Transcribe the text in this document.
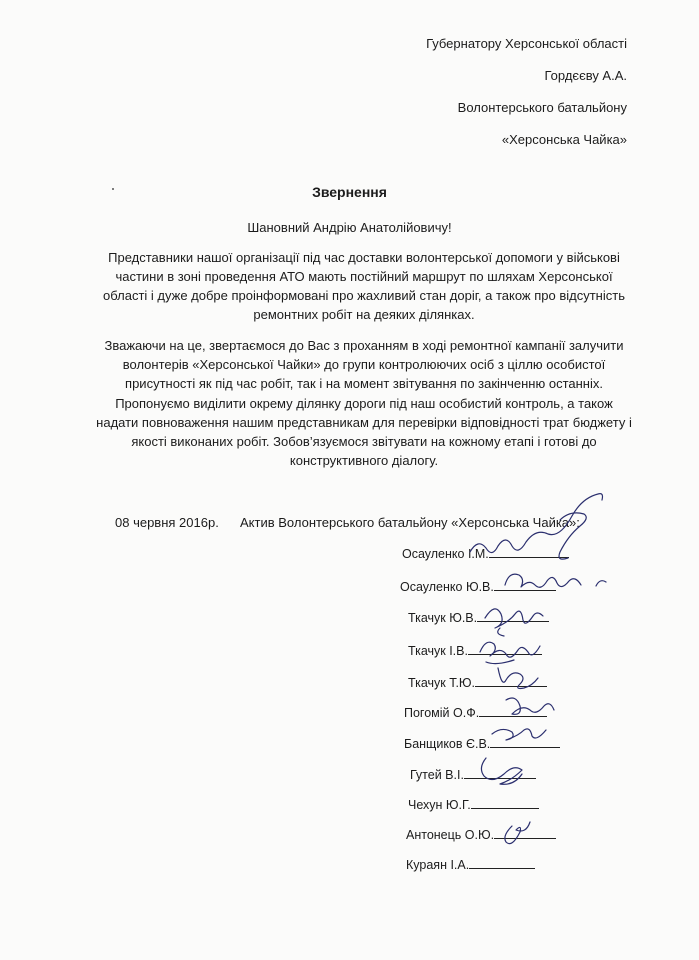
Губернатору Херсонської області
Гордєєву А.А.
Волонтерського батальйону
«Херсонська Чайка»
Звернення
Шановний Андрію Анатолійовичу!
Представники нашої організації під час доставки волонтерської допомоги у військові частини в зоні проведення АТО мають постійний маршрут по шляхам Херсонської області і дуже добре проінформовані про жахливий стан доріг, а також про відсутність ремонтних робіт на деяких ділянках.
Зважаючи на це, звертаємося до Вас з проханням в ході ремонтної кампанії залучити волонтерів «Херсонської Чайки» до групи контролюючих осіб з ціллю особистої присутності як під час робіт, так і на момент звітування по закінченню останніх.
Пропонуємо виділити окрему ділянку дороги під наш особистий контроль, а також надати повноваження нашим представникам для перевірки відповідності трат бюджету і якості виконаних робіт. Зобов’язуємося звітувати на кожному етапі і готові до конструктивного діалогу.
08 червня 2016р. Актив Волонтерського батальйону «Херсонська Чайка»:
Осауленко І.М.
Осауленко Ю.В.
Ткачук Ю.В.
Ткачук І.В.
Ткачук Т.Ю.
Погомій О.Ф.
Банщиков Є.В.
Гутей В.І.
Чехун Ю.Г.
Антонець О.Ю.
Кураян І.А.
